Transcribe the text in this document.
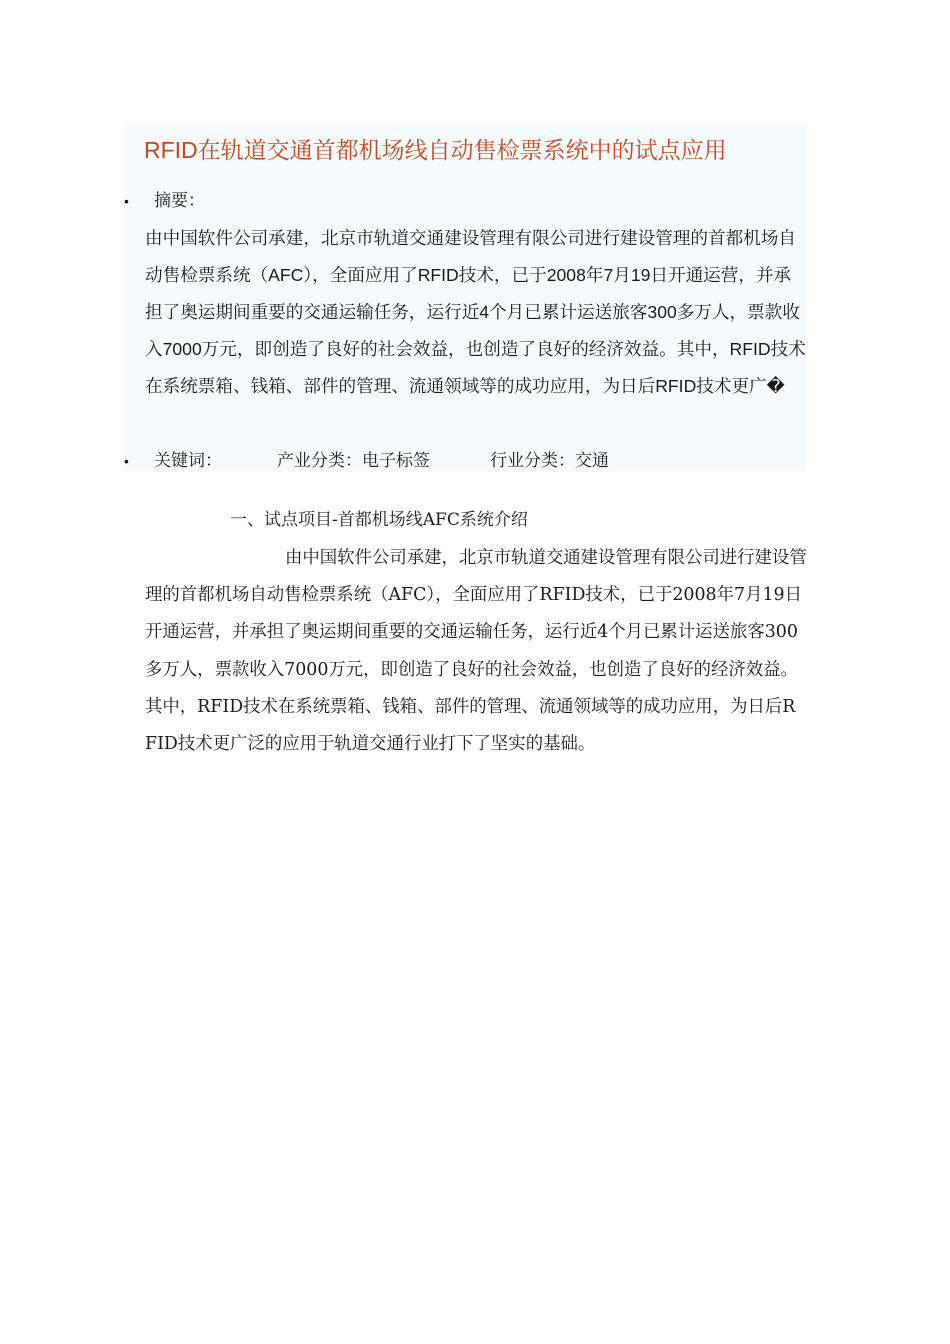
RFID在轨道交通首都机场线自动售检票系统中的试点应用
• 摘要：
由中国软件公司承建，北京市轨道交通建设管理有限公司进行建设管理的首都机场自动售检票系统（AFC），全面应用了RFID技术，已于2008年7月19日开通运营，并承担了奥运期间重要的交通运输任务，运行近4个月已累计运送旅客300多万人，票款收入7000万元，即创造了良好的社会效益，也创造了良好的经济效益。其中，RFID技术在系统票箱、钱箱、部件的管理、流通领域等的成功应用，为日后RFID技术更广�
• 关键词：	产业分类：电子标签	行业分类：交通
一、试点项目-首都机场线AFC系统介绍
由中国软件公司承建，北京市轨道交通建设管理有限公司进行建设管理的首都机场自动售检票系统（AFC），全面应用了RFID技术，已于2008年7月19日开通运营，并承担了奥运期间重要的交通运输任务，运行近4个月已累计运送旅客300多万人，票款收入7000万元，即创造了良好的社会效益，也创造了良好的经济效益。其中，RFID技术在系统票箱、钱箱、部件的管理、流通领域等的成功应用，为日后RFID技术更广泛的应用于轨道交通行业打下了坚实的基础。
